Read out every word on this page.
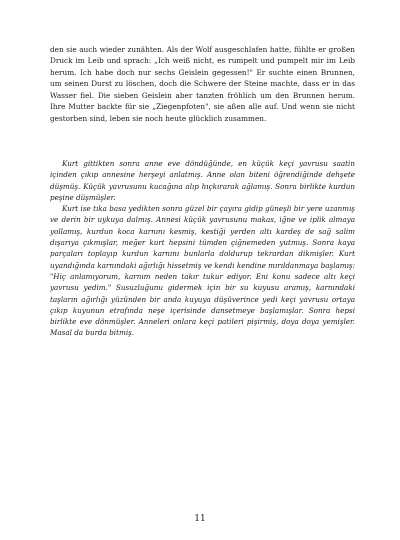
den sie auch wieder zunähten. Als der Wolf ausgeschlafen hatte, fühlte er großen Druck im Leib und sprach: „Ich weiß nicht, es rumpelt und pumpelt mir im Leib herum. Ich habe doch nur sechs Geislein gegessen!" Er suchte einen Brunnen, um seinen Durst zu löschen, doch die Schwere der Steine machte, dass er in das Wasser fiel. Die sieben Geislein aber tanzten fröhlich um den Brunnen herum. Ihre Mutter backte für sie „Ziegenpfoten", sie aßen alle auf. Und wenn sie nicht gestorben sind, leben sie noch heute glücklich zusammen.

Kurt gittikten sonra anne eve döndüğünde, en küçük keçi yavrusu saatin içinden çıkıp annesine herşeyi anlatmış. Anne olan biteni öğrendiğinde dehşete düşmüş. Küçük yavrusunu kucağına alıp hıçkırarak ağlamış. Sonra birlikte kurdun peşine düşmüşler.

Kurt ise tıka basa yedikten sonra güzel bir çayıra gidip güneşli bir yere uzanmış ve derin bir uykuya dalmış. Annesi küçük yavrusunu makas, iğne ve iplik almaya yollamış, kurdun koca karnını kesmiş, kestiği yerden altı kardeş de sağ salim dışarıya çıkmışlar, meğer kurt hepsini tümden çiğnemeden yutmuş. Sonra kaya parçaları toplayıp kurdun karnını bunlarla doldurup tekrardan dikmişler. Kurt uyandığında karnındaki ağırlığı hissetmiş ve kendi kendine mırıldanmaya başlamış: "Hiç anlamıyorum, karnım neden takır tukur ediyor. Eni konu sadece altı keçi yavrusu yedim." Susuzluğunu gidermek için bir su kuyusu aramış, karnındaki taşların ağırlığı yüzünden bir anda kuyuya düşüverince yedi keçi yavrusu ortaya çıkıp kuyunun etrafında neşe içerisinde dansetmeye başlamışlar. Sonra hepsi birlikte eve dönmüşler. Anneleri onlara keçi patileri pişirmiş, doya doya yemişler. Masal da burda bitmiş.

11
